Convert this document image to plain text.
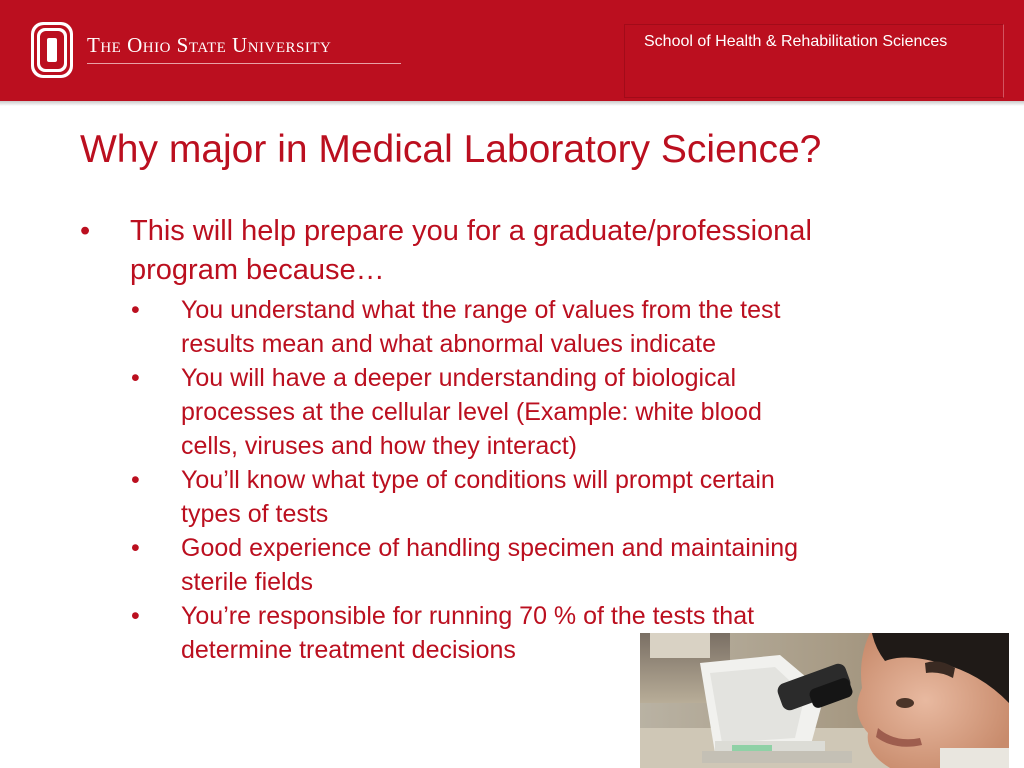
The Ohio State University	School of Health & Rehabilitation Sciences
Why major in Medical Laboratory Science?
• This will help prepare you for a graduate/professional program because…
• You understand what the range of values from the test results mean and what abnormal values indicate
• You will have a deeper understanding of biological processes at the cellular level (Example: white blood cells, viruses and how they interact)
• You’ll know what type of conditions will prompt certain types of tests
• Good experience of handling specimen and maintaining sterile fields
• You’re responsible for running 70 % of the tests that determine treatment decisions
